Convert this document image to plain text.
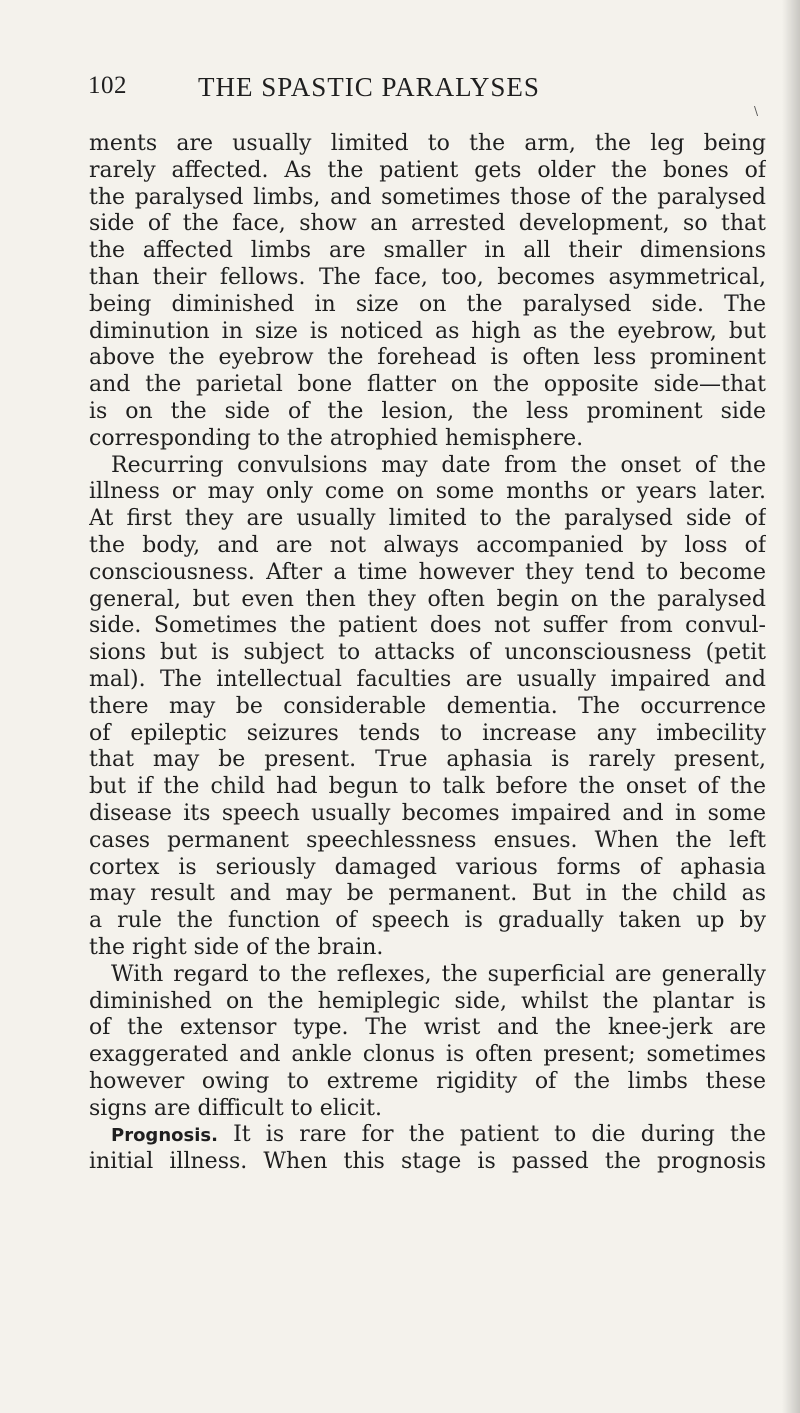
\
102	THE SPASTIC PARALYSES
ments are usually limited to the arm, the leg being
rarely affected. As the patient gets older the bones of
the paralysed limbs, and sometimes those of the paralysed
side of the face, show an arrested development, so that
the affected limbs are smaller in all their dimensions
than their fellows. The face, too, becomes asymmetrical,
being diminished in size on the paralysed side. The
diminution in size is noticed as high as the eyebrow, but
above the eyebrow the forehead is often less prominent
and the parietal bone flatter on the opposite side—that
is on the side of the lesion, the less prominent side
corresponding to the atrophied hemisphere.
Recurring convulsions may date from the onset of the
illness or may only come on some months or years later.
At first they are usually limited to the paralysed side of
the body, and are not always accompanied by loss of
consciousness. After a time however they tend to become
general, but even then they often begin on the paralysed
side. Sometimes the patient does not suffer from convul-
sions but is subject to attacks of unconsciousness (petit
mal). The intellectual faculties are usually impaired and
there may be considerable dementia. The occurrence
of epileptic seizures tends to increase any imbecility
that may be present. True aphasia is rarely present,
but if the child had begun to talk before the onset of the
disease its speech usually becomes impaired and in some
cases permanent speechlessness ensues. When the left
cortex is seriously damaged various forms of aphasia
may result and may be permanent. But in the child as
a rule the function of speech is gradually taken up by
the right side of the brain.
With regard to the reflexes, the superficial are generally
diminished on the hemiplegic side, whilst the plantar is
of the extensor type. The wrist and the knee-jerk are
exaggerated and ankle clonus is often present; sometimes
however owing to extreme rigidity of the limbs these
signs are difficult to elicit.
Prognosis. It is rare for the patient to die during the
initial illness. When this stage is passed the prognosis
